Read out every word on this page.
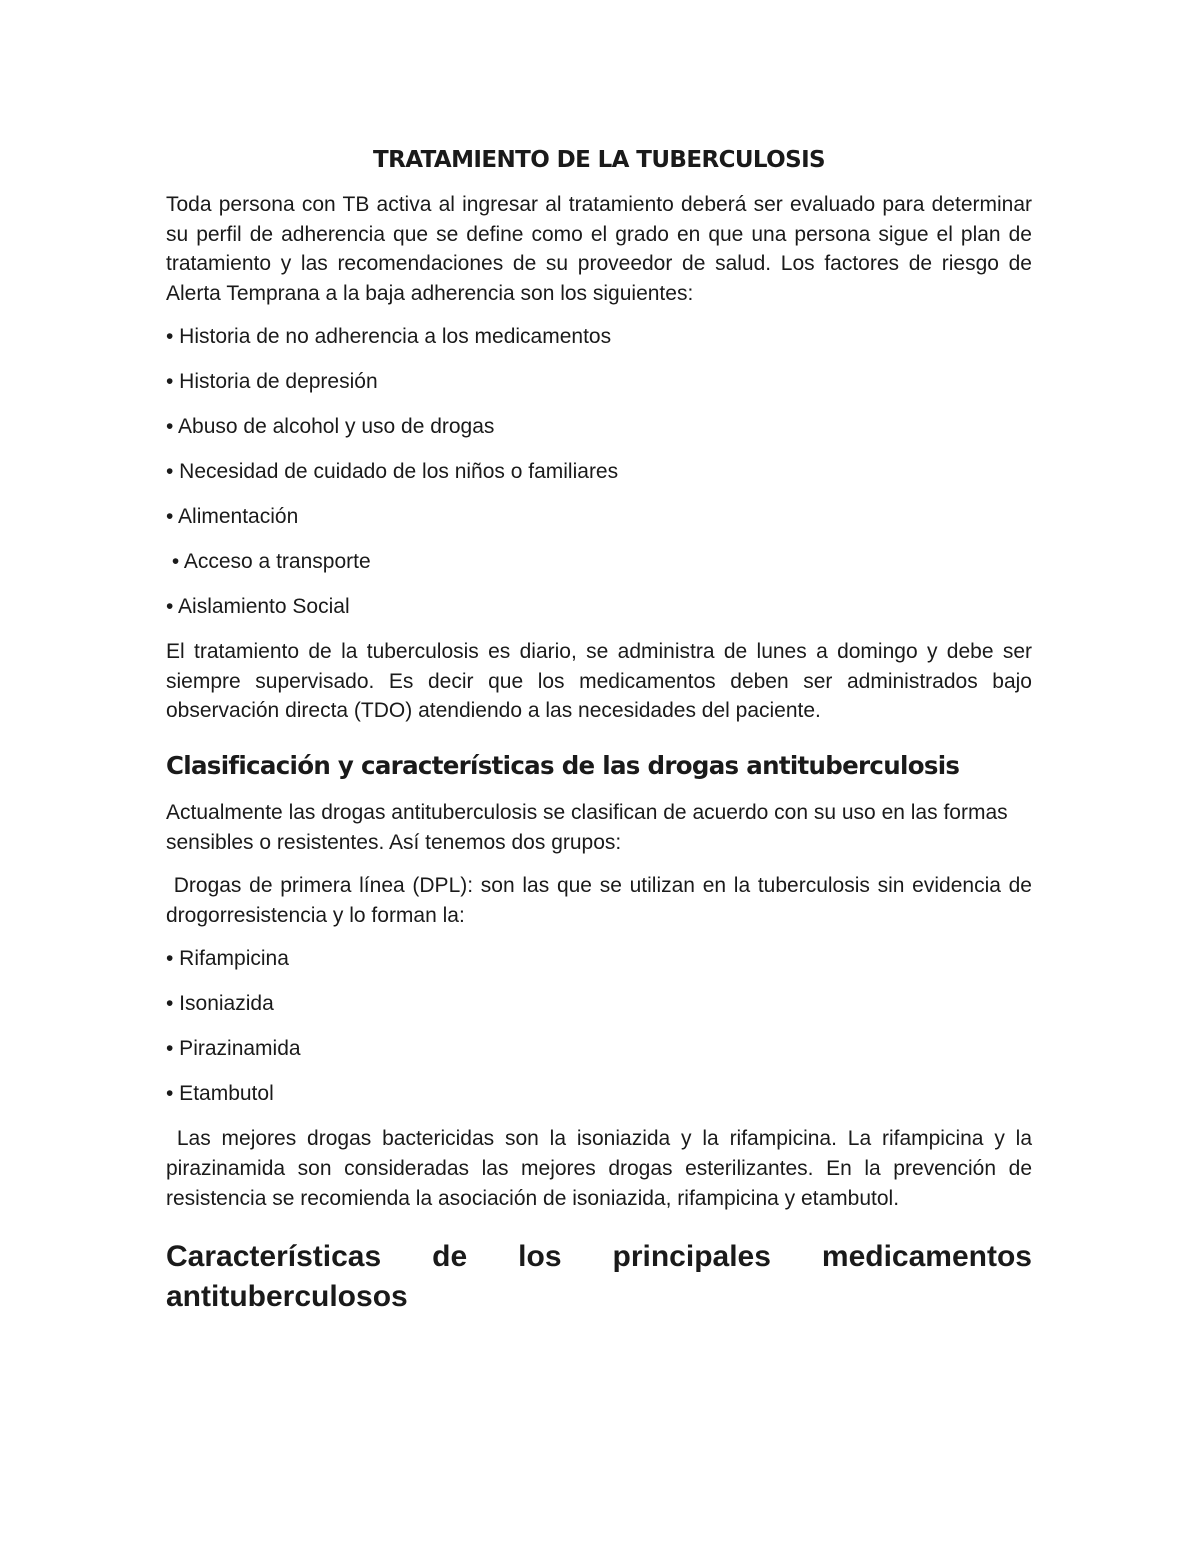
TRATAMIENTO DE LA TUBERCULOSIS

Toda persona con TB activa al ingresar al tratamiento deberá ser evaluado para determinar su perfil de adherencia que se define como el grado en que una persona sigue el plan de tratamiento y las recomendaciones de su proveedor de salud. Los factores de riesgo de Alerta Temprana a la baja adherencia son los siguientes:

• Historia de no adherencia a los medicamentos
• Historia de depresión
• Abuso de alcohol y uso de drogas
• Necesidad de cuidado de los niños o familiares
• Alimentación
• Acceso a transporte
• Aislamiento Social

El tratamiento de la tuberculosis es diario, se administra de lunes a domingo y debe ser siempre supervisado. Es decir que los medicamentos deben ser administrados bajo observación directa (TDO) atendiendo a las necesidades del paciente.

Clasificación y características de las drogas antituberculosis

Actualmente las drogas antituberculosis se clasifican de acuerdo con su uso en las formas sensibles o resistentes. Así tenemos dos grupos:

Drogas de primera línea (DPL): son las que se utilizan en la tuberculosis sin evidencia de drogorresistencia y lo forman la:

• Rifampicina
• Isoniazida
• Pirazinamida
• Etambutol

Las mejores drogas bactericidas son la isoniazida y la rifampicina. La rifampicina y la pirazinamida son consideradas las mejores drogas esterilizantes. En la prevención de resistencia se recomienda la asociación de isoniazida, rifampicina y etambutol.

Características de los principales medicamentos
antituberculosos
